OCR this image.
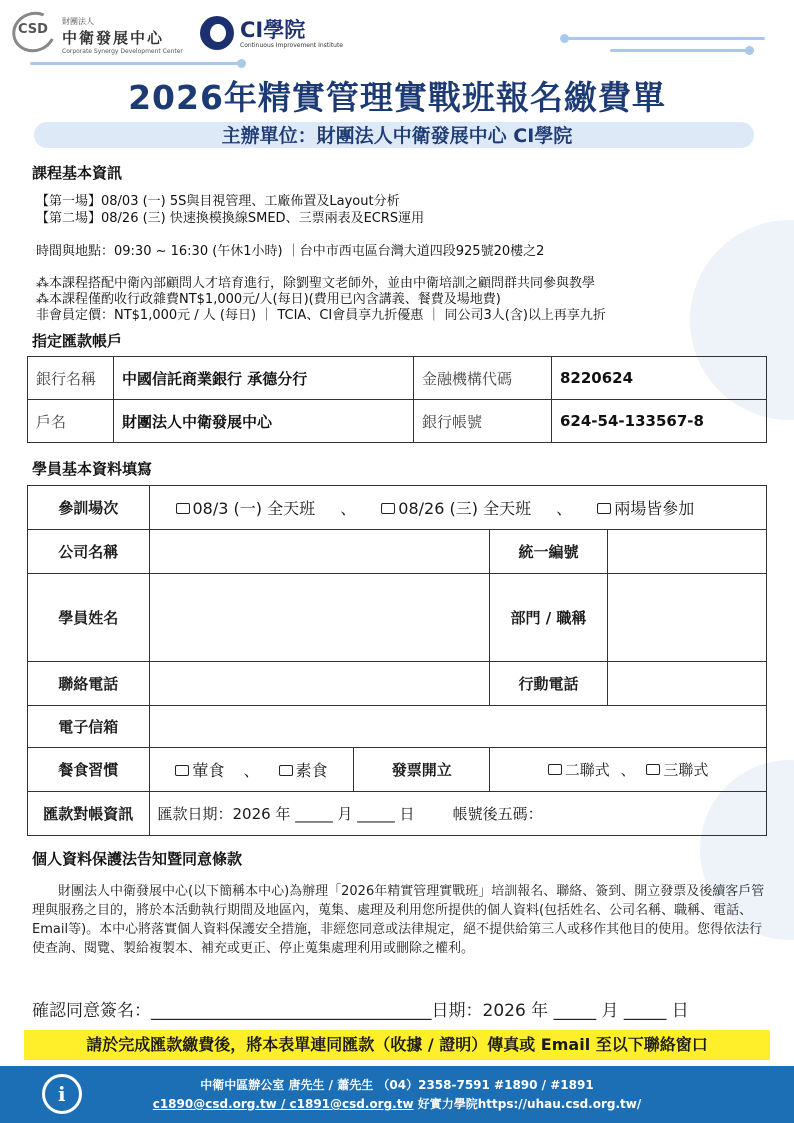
CSD
財團法人
中衛發展中心
Corporate Synergy Development Center
CI學院
Continuous Improvement Institute
2026年精實管理實戰班報名繳費單
主辦單位：財團法人中衛發展中心 CI學院
課程基本資訊
【第一場】08/03 (一) 5S與目視管理、工廠佈置及Layout分析
【第二場】08/26 (三) 快速換模換線SMED、三票兩表及ECRS運用
時間與地點：09:30 ~ 16:30 (午休1小時) ｜台中市西屯區台灣大道四段925號20樓之2
⁂本課程搭配中衛內部顧問人才培育進行，除劉聖文老師外，並由中衛培訓之顧問群共同參與教學
⁂本課程僅酌收行政雜費NT$1,000元/人(每日)(費用已內含講義、餐費及場地費)
非會員定價：NT$1,000元 / 人 (每日) ｜ TCIA、CI會員享九折優惠 ｜ 同公司3人(含)以上再享九折
指定匯款帳戶
銀行名稱	中國信託商業銀行 承德分行	金融機構代碼	8220624
戶名	財團法人中衛發展中心	銀行帳號	624-54-133567-8
學員基本資料填寫
參訓場次	08/3 (一) 全天班 、 08/26 (三) 全天班 、 兩場皆參加			
公司名稱			統一編號	
學員姓名			部門 / 職稱	
聯絡電話			行動電話	
電子信箱				
餐食習慣	葷食 、 素食	發票開立	二聯式 、 三聯式	
匯款對帳資訊	匯款日期：2026 年 _____ 月 _____ 日        帳號後五碼：			
個人資料保護法告知暨同意條款
財團法人中衛發展中心(以下簡稱本中心)為辦理「2026年精實管理實戰班」培訓報名、聯絡、簽到、開立發票及後續客戶管理與服務之目的，將於本活動執行期間及地區內，蒐集、處理及利用您所提供的個人資料(包括姓名、公司名稱、職稱、電話、Email等)。本中心將落實個人資料保護安全措施，非經您同意或法律規定，絕不提供給第三人或移作其他目的使用。您得依法行使查詢、閱覽、製給複製本、補充或更正、停止蒐集處理利用或刪除之權利。
確認同意簽名：_________________________________日期：2026 年 _____ 月 _____ 日
請於完成匯款繳費後，將本表單連同匯款（收據 / 證明）傳真或 Email 至以下聯絡窗口
i
中衛中區辦公室 唐先生 / 蕭先生 （04）2358-7591 #1890 / #1891
c1890@csd.org.tw / c1891@csd.org.tw 好實力學院https://uhau.csd.org.tw/
